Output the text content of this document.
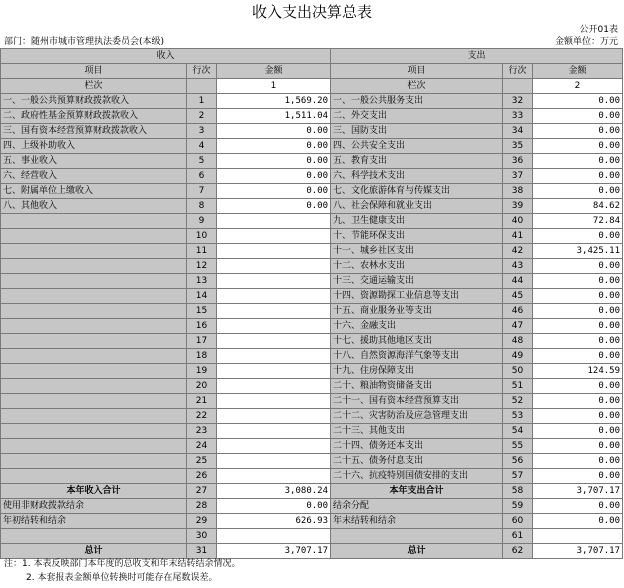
收入支出决算总表
公开01表
部门：随州市城市管理执法委员会(本级)	金额单位：万元
收入			支出		
项目	行次	金额	项目	行次	金额
栏次		1	栏次		2
一、一般公共预算财政拨款收入	1	1,569.20	一、一般公共服务支出	32	0.00
二、政府性基金预算财政拨款收入	2	1,511.04	二、外交支出	33	0.00
三、国有资本经营预算财政拨款收入	3	0.00	三、国防支出	34	0.00
四、上级补助收入	4	0.00	四、公共安全支出	35	0.00
五、事业收入	5	0.00	五、教育支出	36	0.00
六、经营收入	6	0.00	六、科学技术支出	37	0.00
七、附属单位上缴收入	7	0.00	七、文化旅游体育与传媒支出	38	0.00
八、其他收入	8	0.00	八、社会保障和就业支出	39	84.62
	9		九、卫生健康支出	40	72.84
	10		十、节能环保支出	41	0.00
	11		十一、城乡社区支出	42	3,425.11
	12		十二、农林水支出	43	0.00
	13		十三、交通运输支出	44	0.00
	14		十四、资源勘探工业信息等支出	45	0.00
	15		十五、商业服务业等支出	46	0.00
	16		十六、金融支出	47	0.00
	17		十七、援助其他地区支出	48	0.00
	18		十八、自然资源海洋气象等支出	49	0.00
	19		十九、住房保障支出	50	124.59
	20		二十、粮油物资储备支出	51	0.00
	21		二十一、国有资本经营预算支出	52	0.00
	22		二十二、灾害防治及应急管理支出	53	0.00
	23		二十三、其他支出	54	0.00
	24		二十四、债务还本支出	55	0.00
	25		二十五、债务付息支出	56	0.00
	26		二十六、抗疫特别国债安排的支出	57	0.00
本年收入合计	27	3,080.24	本年支出合计	58	3,707.17
使用非财政拨款结余	28	0.00	结余分配	59	0.00
年初结转和结余	29	626.93	年末结转和结余	60	0.00
	30			61	
总计	31	3,707.17	总计	62	3,707.17
注：1. 本表反映部门本年度的总收支和年末结转结余情况。
2. 本套报表金额单位转换时可能存在尾数误差。
